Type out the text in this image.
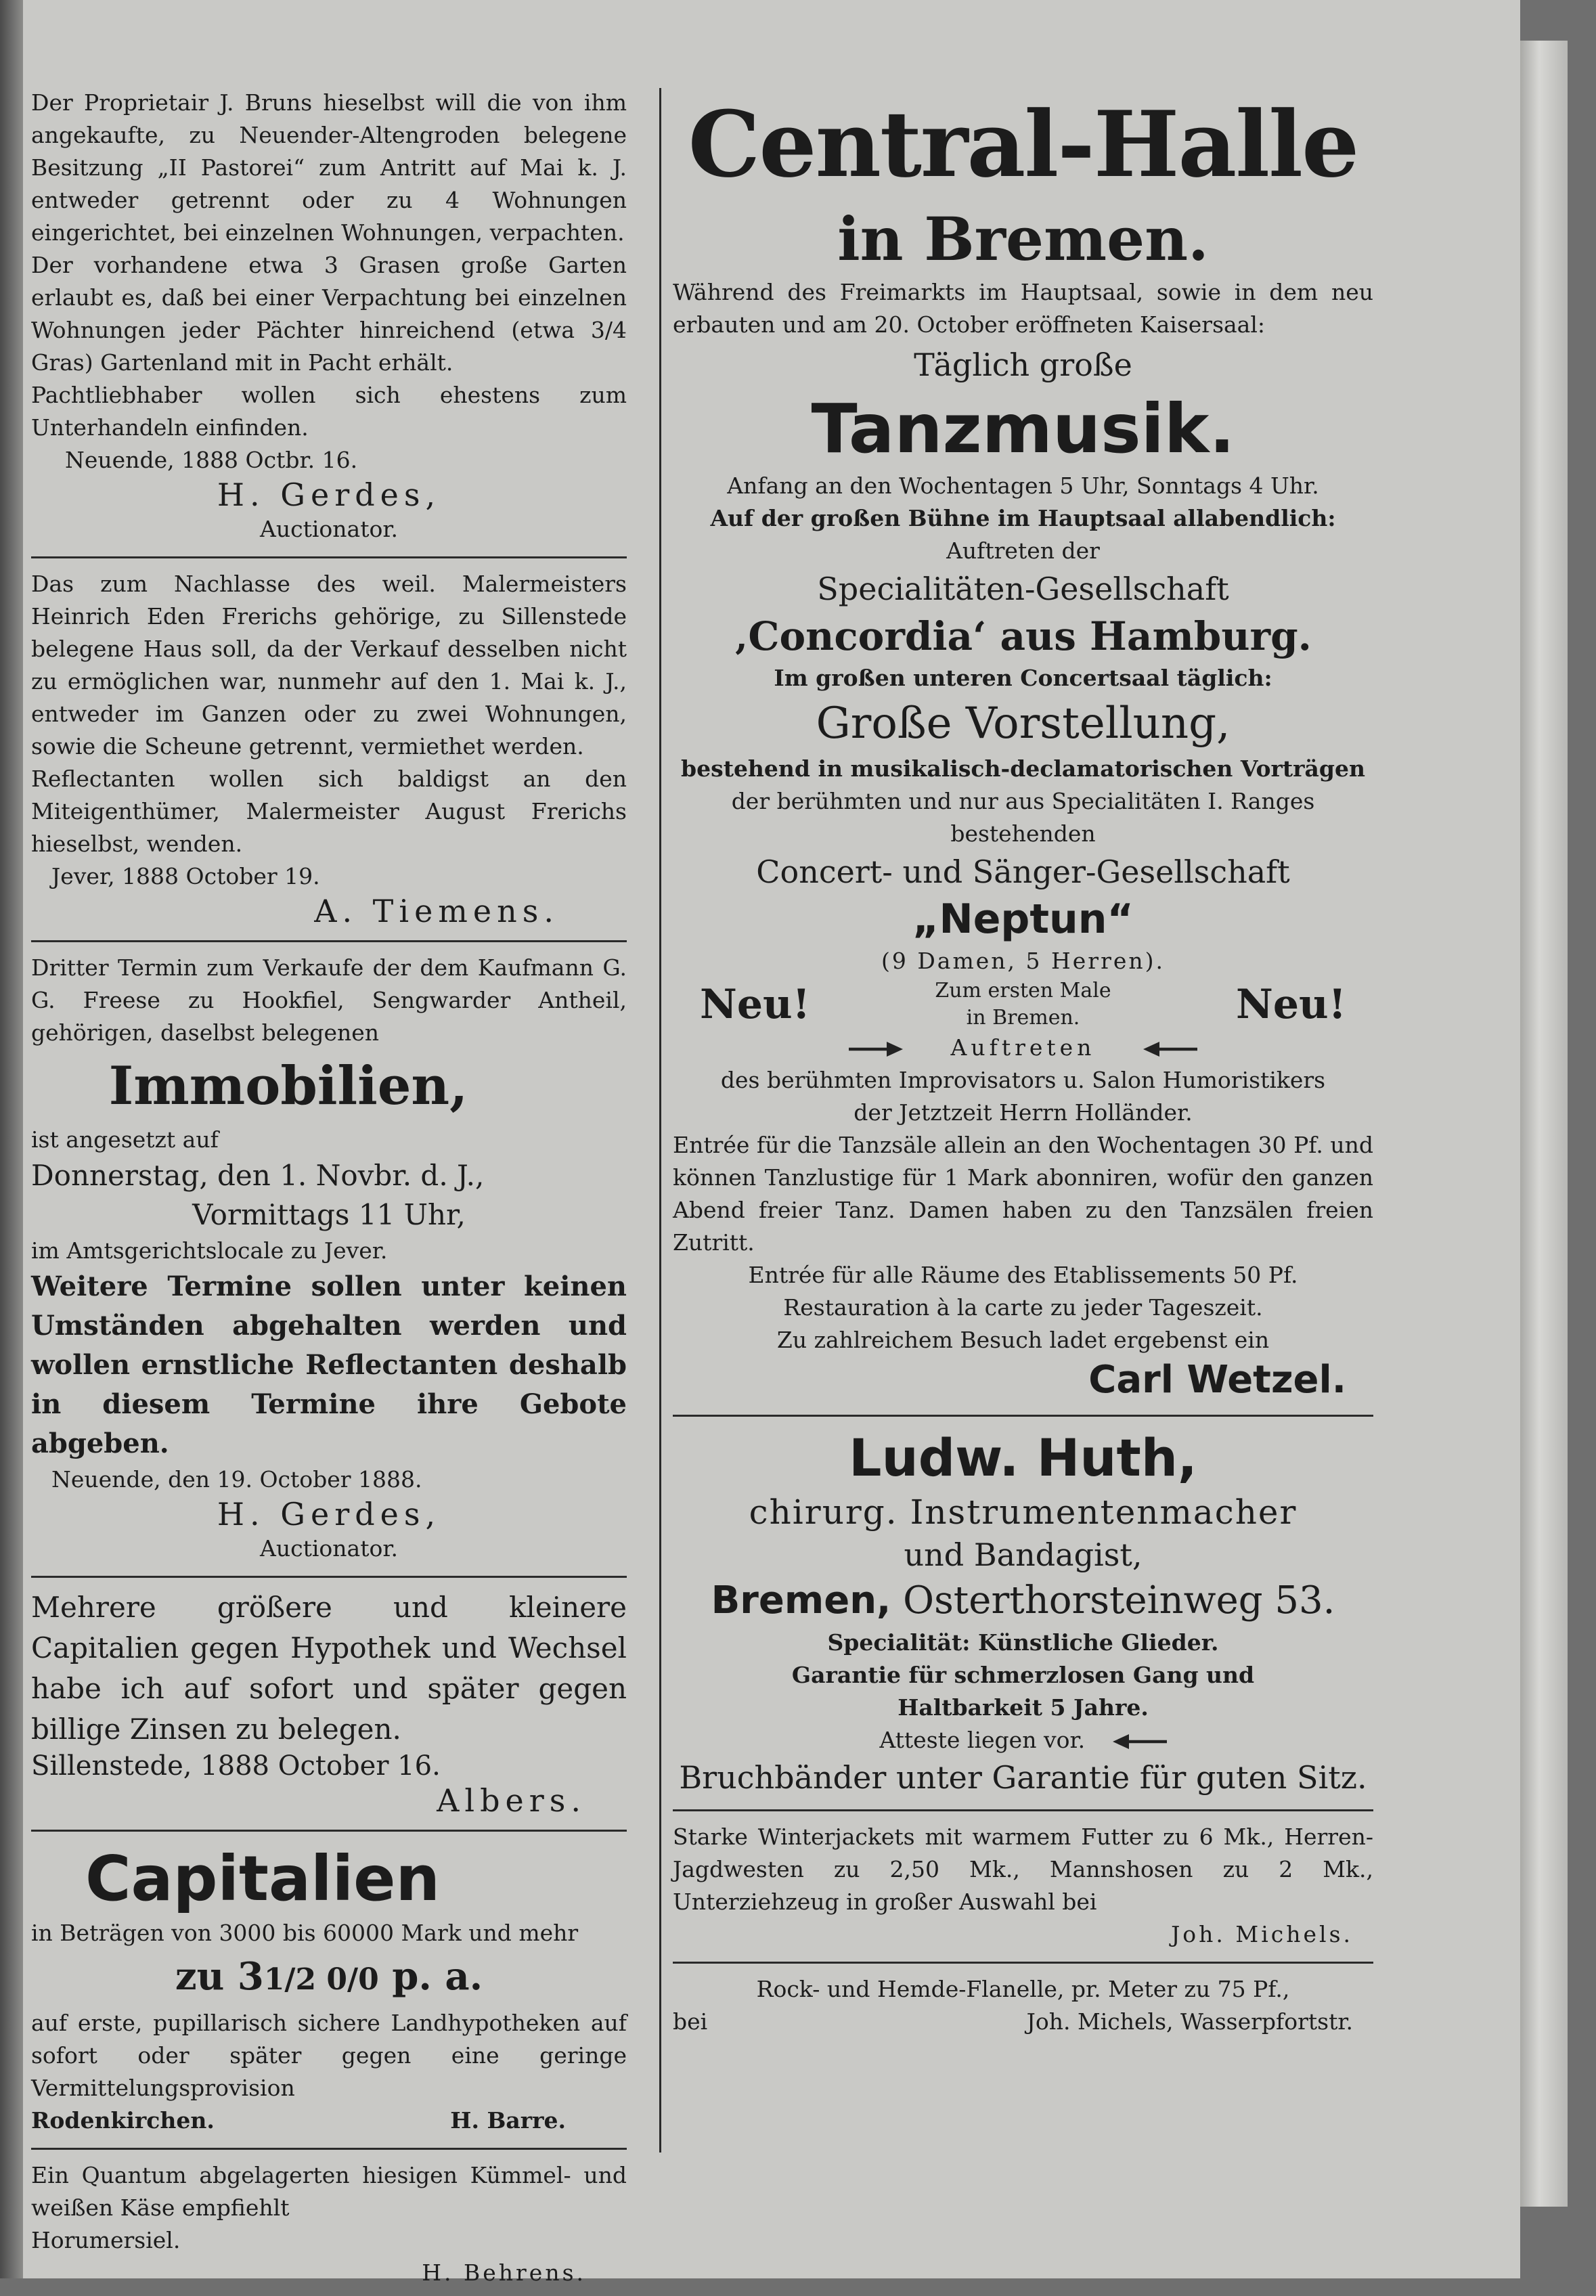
Der Proprietair J. Bruns hieselbst will die von ihm angekaufte, zu Neuender-Altengroden belegene Besitzung „II Pastorei“ zum Antritt auf Mai k. J. entweder getrennt oder zu 4 Wohnungen eingerichtet, bei einzelnen Wohnungen, verpachten.
Der vorhandene etwa 3 Grasen große Garten erlaubt es, daß bei einer Verpachtung bei einzelnen Wohnungen jeder Pächter hinreichend (etwa 3/4 Gras) Gartenland mit in Pacht erhält.
Pachtliebhaber wollen sich ehestens zum Unterhandeln einfinden.
Neuende, 1888 Octbr. 16.
H. Gerdes,
Auctionator.
Das zum Nachlasse des weil. Malermeisters Heinrich Eden Frerichs gehörige, zu Sillenstede belegene Haus soll, da der Verkauf desselben nicht zu ermöglichen war, nunmehr auf den 1. Mai k. J., entweder im Ganzen oder zu zwei Wohnungen, sowie die Scheune getrennt, vermiethet werden.
Reflectanten wollen sich baldigst an den Miteigenthümer, Malermeister August Frerichs hieselbst, wenden.
Jever, 1888 October 19.
A. Tiemens.
Dritter Termin zum Verkaufe der dem Kaufmann G. G. Freese zu Hookfiel, Sengwarder Antheil, gehörigen, daselbst belegenen
Immobilien,
ist angesetzt auf
Donnerstag, den 1. Novbr. d. J.,
Vormittags 11 Uhr,
im Amtsgerichtslocale zu Jever.
Weitere Termine sollen unter keinen Umständen abgehalten werden und wollen ernstliche Reflectanten deshalb in diesem Termine ihre Gebote abgeben.
Neuende, den 19. October 1888.
H. Gerdes,
Auctionator.
Mehrere größere und kleinere Capitalien gegen Hypothek und Wechsel habe ich auf sofort und später gegen billige Zinsen zu belegen.
Sillenstede, 1888 October 16.
Albers.
Capitalien
in Beträgen von 3000 bis 60000 Mark und mehr
zu 31/2 0/0 p. a.
auf erste, pupillarisch sichere Landhypotheken auf sofort oder später gegen eine geringe Vermittelungsprovision
Rodenkirchen.	H. Barre.
Ein Quantum abgelagerten hiesigen Kümmel- und weißen Käse empfiehlt
Horumersiel.
H. Behrens.
Central-Halle
in Bremen.
Während des Freimarkts im Hauptsaal, sowie in dem neu erbauten und am 20. October eröffneten Kaisersaal:
Täglich große
Tanzmusik.
Anfang an den Wochentagen 5 Uhr, Sonntags 4 Uhr.
Auf der großen Bühne im Hauptsaal allabendlich:
Auftreten der
Specialitäten-Gesellschaft
‚Concordia‘ aus Hamburg.
Im großen unteren Concertsaal täglich:
Große Vorstellung,
bestehend in musikalisch-declamatorischen Vorträgen
der berühmten und nur aus Specialitäten I. Ranges
bestehenden
Concert- und Sänger-Gesellschaft
„Neptun“
(9 Damen, 5 Herren).
Neu!	Zum ersten Male
in Bremen.	Neu!
Auftreten
des berühmten Improvisators u. Salon Humoristikers
der Jetztzeit Herrn Holländer.
Entrée für die Tanzsäle allein an den Wochentagen 30 Pf. und können Tanzlustige für 1 Mark abonniren, wofür den ganzen Abend freier Tanz. Damen haben zu den Tanzsälen freien Zutritt.
Entrée für alle Räume des Etablissements 50 Pf.
Restauration à la carte zu jeder Tageszeit.
Zu zahlreichem Besuch ladet ergebenst ein
Carl Wetzel.
Ludw. Huth,
chirurg. Instrumentenmacher
und Bandagist,
Bremen, Osterthorsteinweg 53.
Specialität: Künstliche Glieder.
Garantie für schmerzlosen Gang und
Haltbarkeit 5 Jahre.
Atteste liegen vor.
Bruchbänder unter Garantie für guten Sitz.
Starke Winterjackets mit warmem Futter zu 6 Mk., Herren-Jagdwesten zu 2,50 Mk., Mannshosen zu 2 Mk., Unterziehzeug in großer Auswahl bei
Joh. Michels.
Rock- und Hemde-Flanelle, pr. Meter zu 75 Pf.,
bei	Joh. Michels, Wasserpfortstr.
